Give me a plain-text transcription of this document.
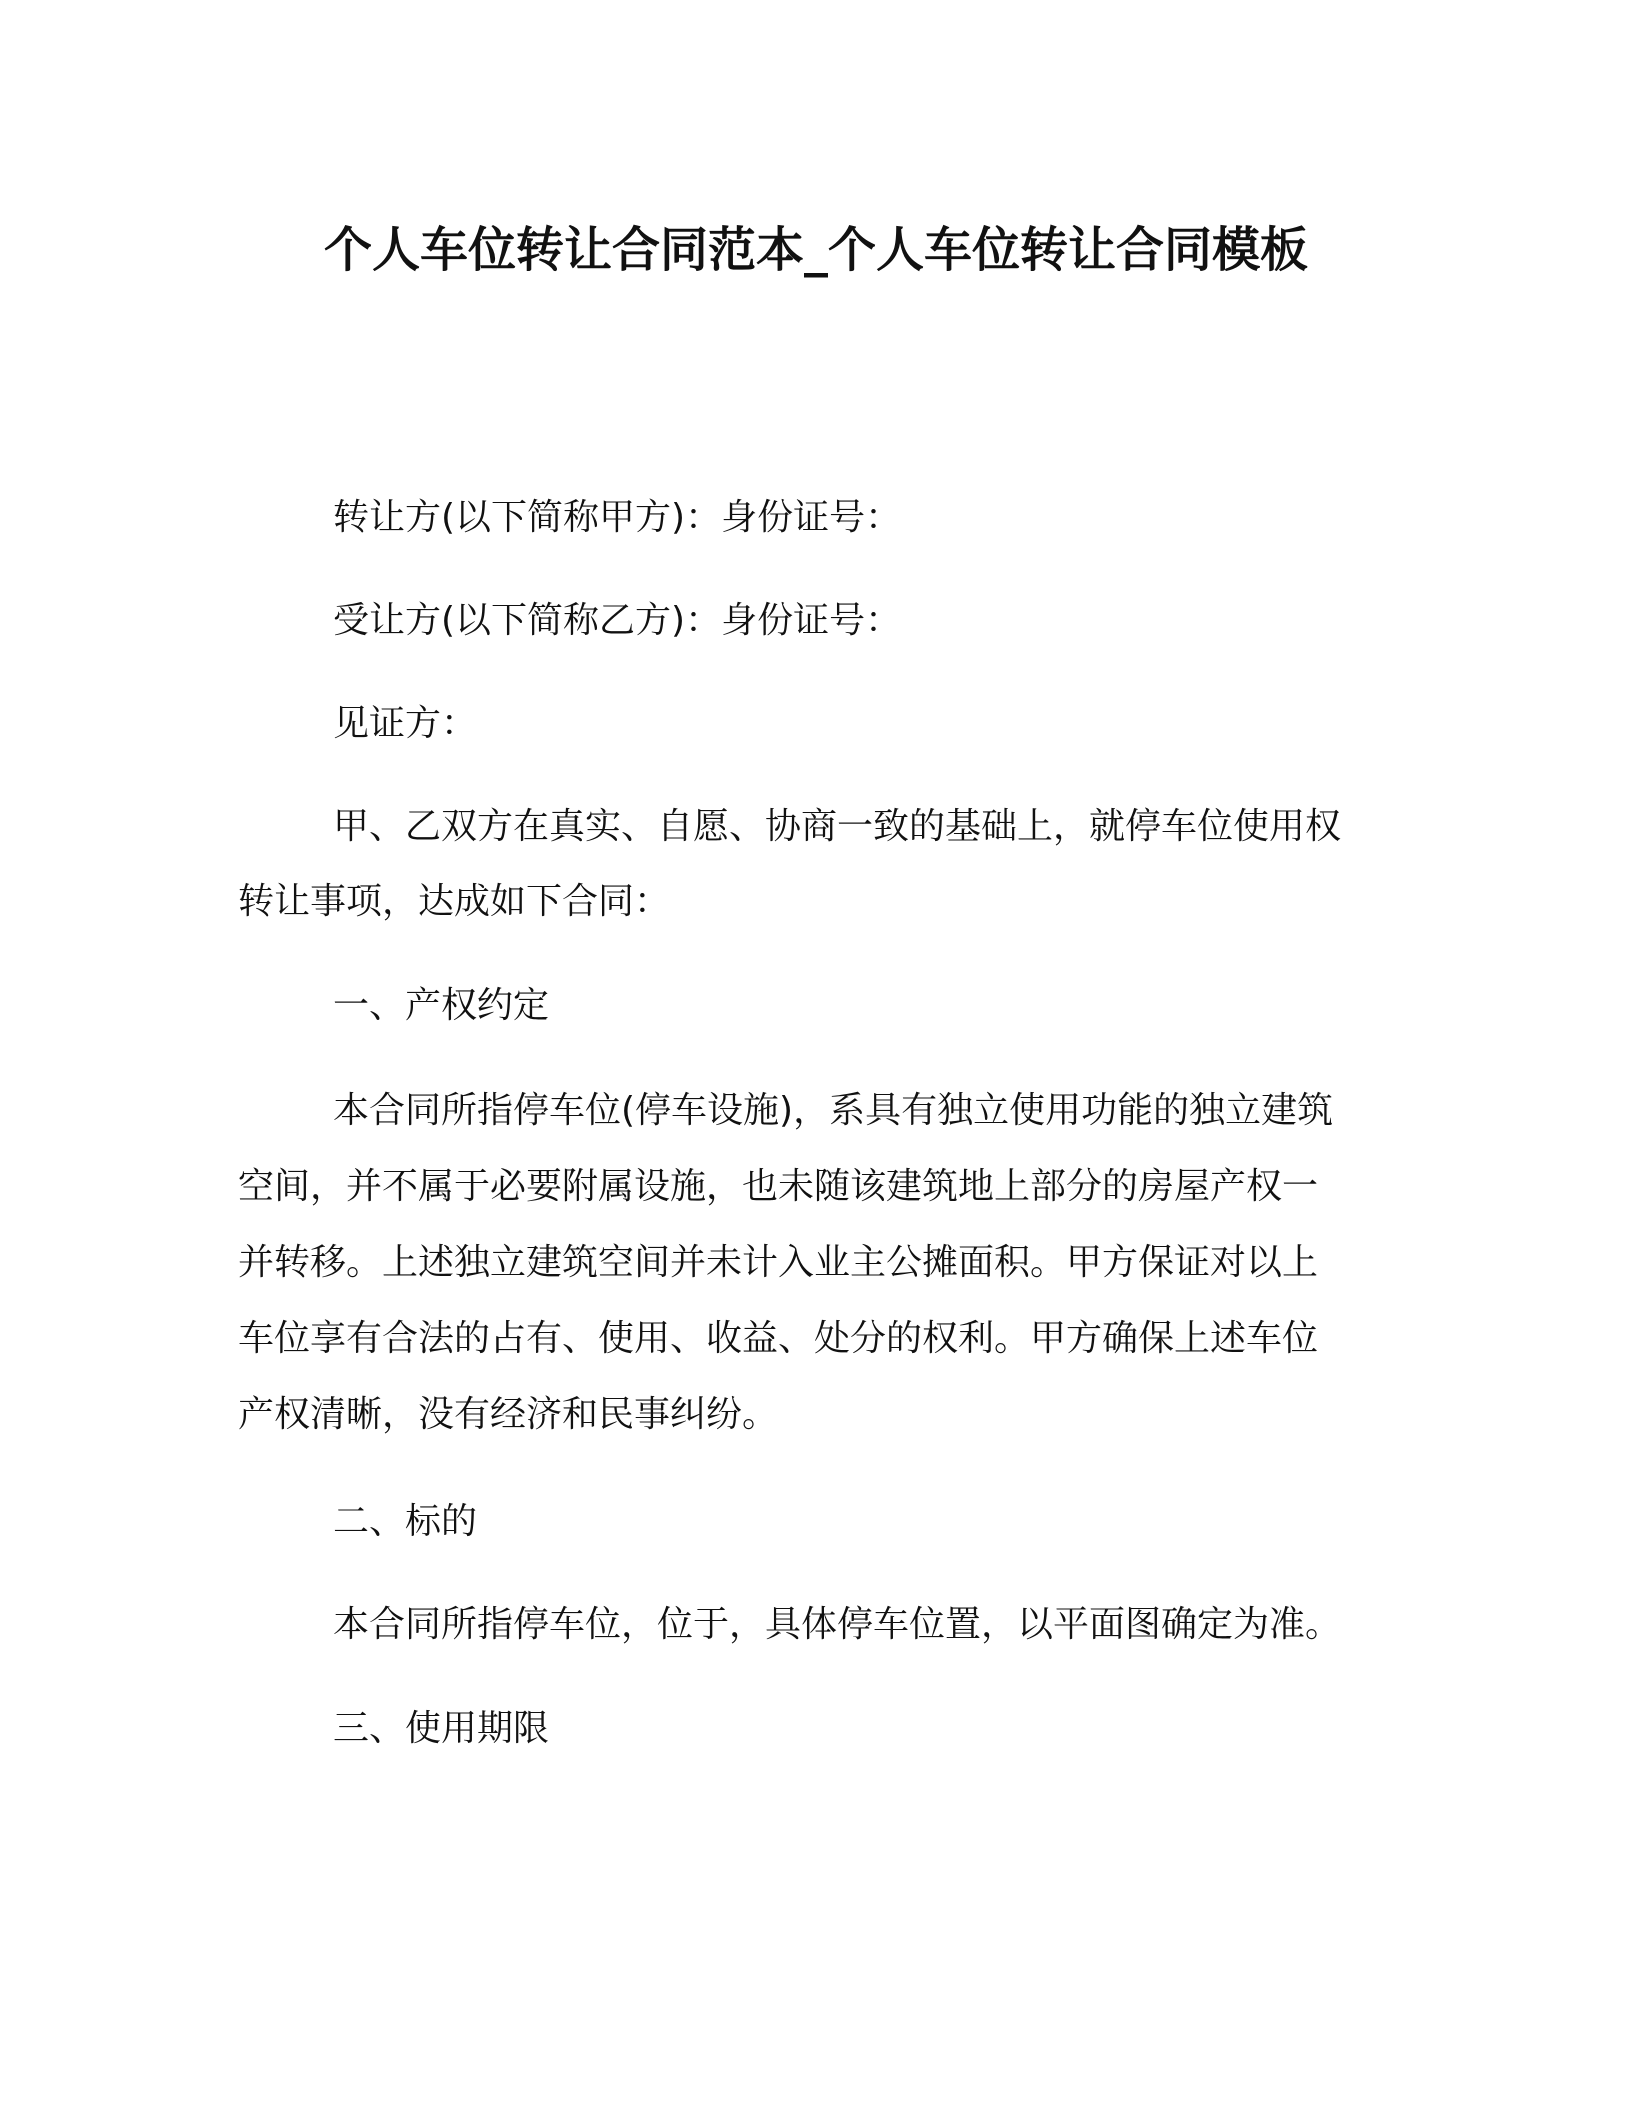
个人车位转让合同范本_个人车位转让合同模板

转让方(以下简称甲方)：身份证号：

受让方(以下简称乙方)：身份证号：

见证方：

甲、乙双方在真实、自愿、协商一致的基础上，就停车位使用权

转让事项，达成如下合同：

一、产权约定

本合同所指停车位(停车设施)，系具有独立使用功能的独立建筑

空间，并不属于必要附属设施，也未随该建筑地上部分的房屋产权一

并转移。上述独立建筑空间并未计入业主公摊面积。甲方保证对以上

车位享有合法的占有、使用、收益、处分的权利。甲方确保上述车位

产权清晰，没有经济和民事纠纷。

二、标的

本合同所指停车位，位于，具体停车位置，以平面图确定为准。

三、使用期限
